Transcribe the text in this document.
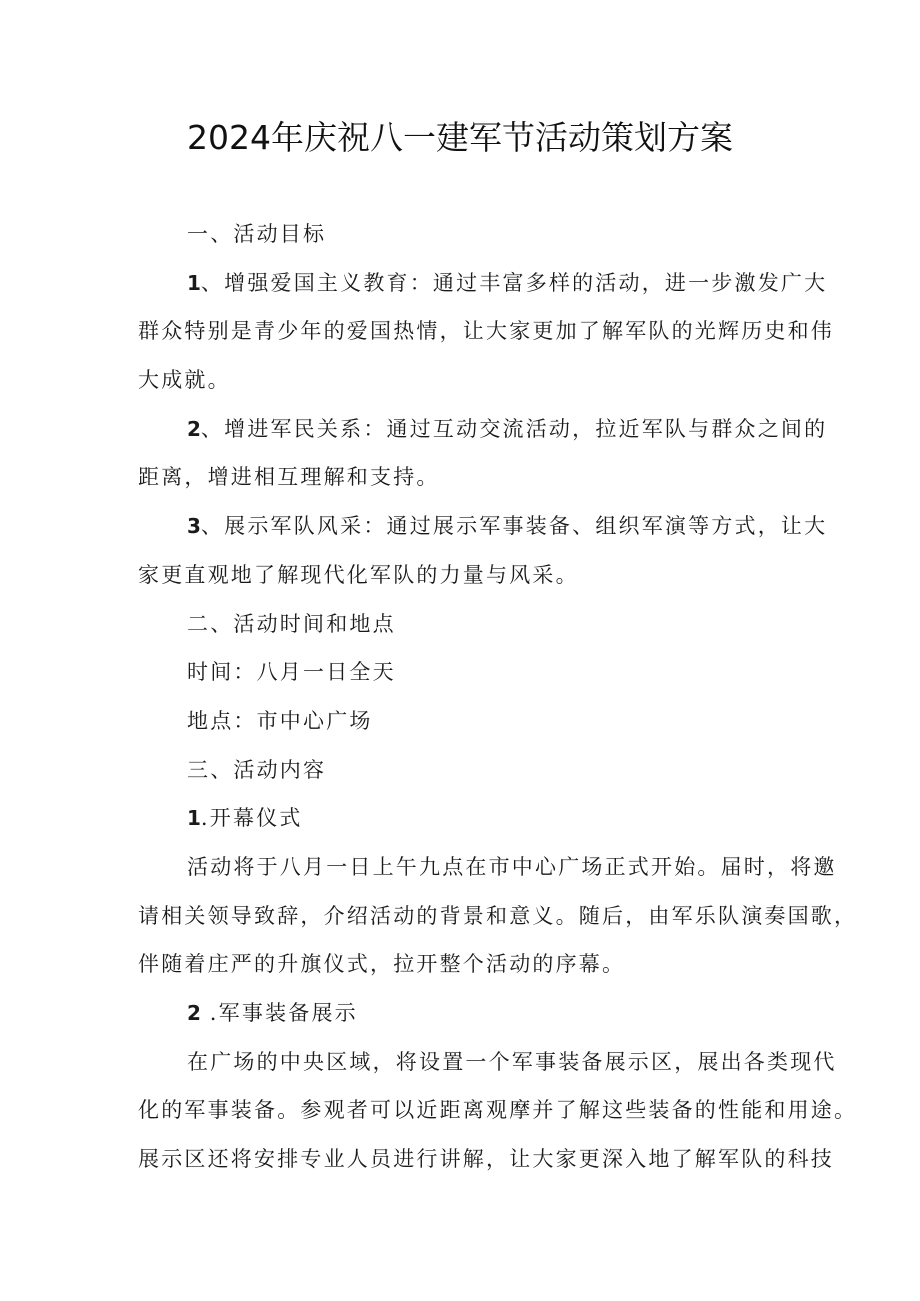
2024年庆祝八一建军节活动策划方案
一、活动目标
1、增强爱国主义教育：通过丰富多样的活动，进一步激发广大
群众特别是青少年的爱国热情，让大家更加了解军队的光辉历史和伟
大成就。
2、增进军民关系：通过互动交流活动，拉近军队与群众之间的
距离，增进相互理解和支持。
3、展示军队风采：通过展示军事装备、组织军演等方式，让大
家更直观地了解现代化军队的力量与风采。
二、活动时间和地点
时间：八月一日全天
地点：市中心广场
三、活动内容
1.开幕仪式
活动将于八月一日上午九点在市中心广场正式开始。届时，将邀
请相关领导致辞，介绍活动的背景和意义。随后，由军乐队演奏国歌，
伴随着庄严的升旗仪式，拉开整个活动的序幕。
2 .军事装备展示
在广场的中央区域，将设置一个军事装备展示区，展出各类现代
化的军事装备。参观者可以近距离观摩并了解这些装备的性能和用途。
展示区还将安排专业人员进行讲解，让大家更深入地了解军队的科技
